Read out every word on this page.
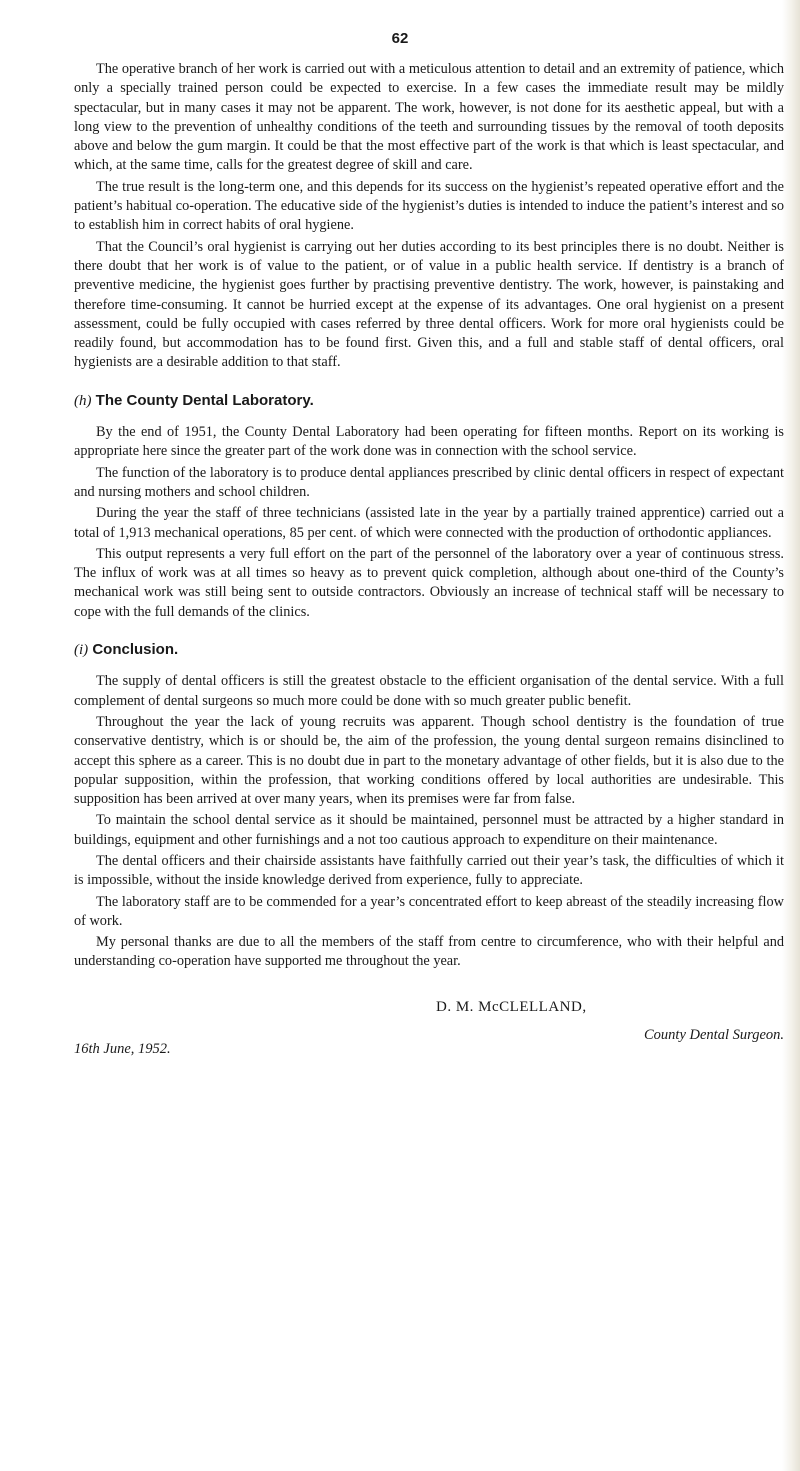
62

The operative branch of her work is carried out with a meticulous attention to detail and an extremity of patience, which only a specially trained person could be expected to exercise. In a few cases the immediate result may be mildly spectacular, but in many cases it may not be apparent. The work, however, is not done for its aesthetic appeal, but with a long view to the prevention of unhealthy conditions of the teeth and surrounding tissues by the removal of tooth deposits above and below the gum margin. It could be that the most effective part of the work is that which is least spectacular, and which, at the same time, calls for the greatest degree of skill and care.

The true result is the long-term one, and this depends for its success on the hygienist’s repeated operative effort and the patient’s habitual co-operation. The educative side of the hygienist’s duties is intended to induce the patient’s interest and so to establish him in correct habits of oral hygiene.

That the Council’s oral hygienist is carrying out her duties according to its best principles there is no doubt. Neither is there doubt that her work is of value to the patient, or of value in a public health service. If dentistry is a branch of preventive medicine, the hygienist goes further by practising preventive dentistry. The work, however, is painstaking and therefore time-consuming. It cannot be hurried except at the expense of its advantages. One oral hygienist on a present assessment, could be fully occupied with cases referred by three dental officers. Work for more oral hygienists could be readily found, but accommodation has to be found first. Given this, and a full and stable staff of dental officers, oral hygienists are a desirable addition to that staff.

(h) The County Dental Laboratory.

By the end of 1951, the County Dental Laboratory had been operating for fifteen months. Report on its working is appropriate here since the greater part of the work done was in connection with the school service.

The function of the laboratory is to produce dental appliances prescribed by clinic dental officers in respect of expectant and nursing mothers and school children.

During the year the staff of three technicians (assisted late in the year by a partially trained apprentice) carried out a total of 1,913 mechanical operations, 85 per cent. of which were connected with the production of orthodontic appliances.

This output represents a very full effort on the part of the personnel of the laboratory over a year of continuous stress. The influx of work was at all times so heavy as to prevent quick completion, although about one-third of the County’s mechanical work was still being sent to outside contractors. Obviously an increase of technical staff will be necessary to cope with the full demands of the clinics.

(i) Conclusion.

The supply of dental officers is still the greatest obstacle to the efficient organisation of the dental service. With a full complement of dental surgeons so much more could be done with so much greater public benefit.

Throughout the year the lack of young recruits was apparent. Though school dentistry is the foundation of true conservative dentistry, which is or should be, the aim of the profession, the young dental surgeon remains disinclined to accept this sphere as a career. This is no doubt due in part to the monetary advantage of other fields, but it is also due to the popular supposition, within the profession, that working conditions offered by local authorities are undesirable. This supposition has been arrived at over many years, when its premises were far from false.

To maintain the school dental service as it should be maintained, personnel must be attracted by a higher standard in buildings, equipment and other furnishings and a not too cautious approach to expenditure on their maintenance.

The dental officers and their chairside assistants have faithfully carried out their year’s task, the difficulties of which it is impossible, without the inside knowledge derived from experience, fully to appreciate.

The laboratory staff are to be commended for a year’s concentrated effort to keep abreast of the steadily increasing flow of work.

My personal thanks are due to all the members of the staff from centre to circumference, who with their helpful and understanding co-operation have supported me throughout the year.

D. M. McCLELLAND,
County Dental Surgeon.
16th June, 1952.
